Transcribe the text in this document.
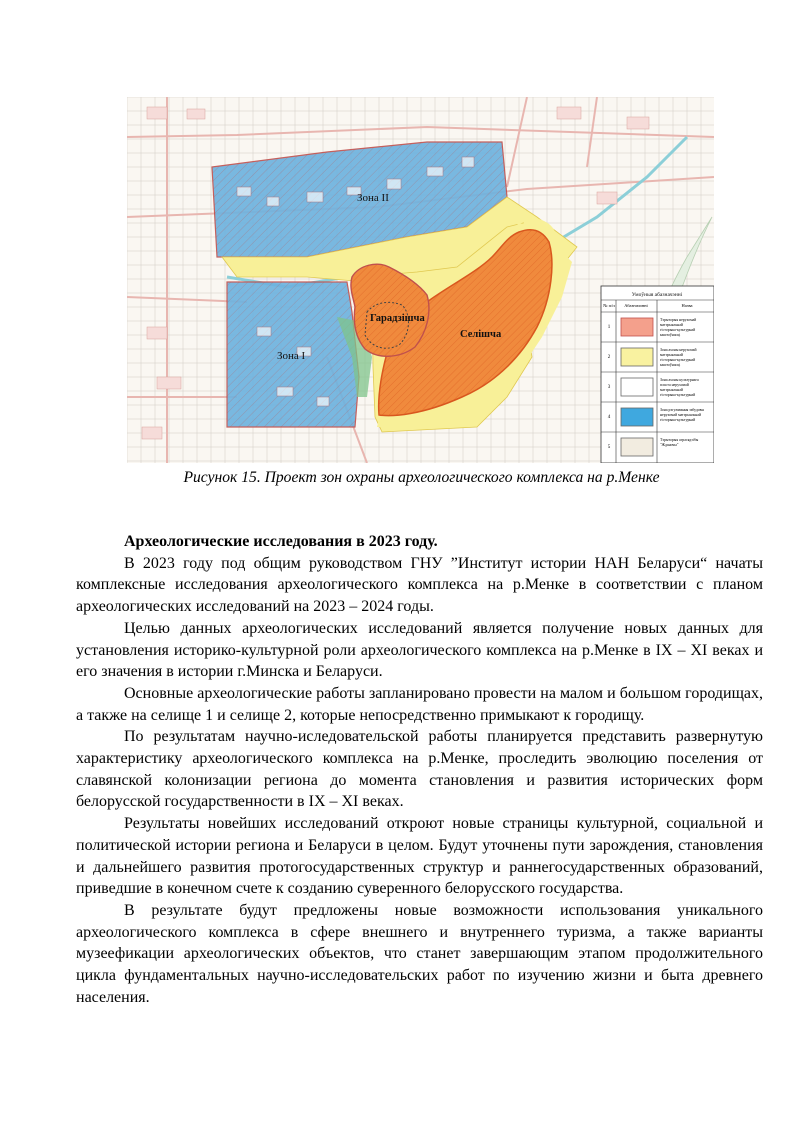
Зона II
Зона I
Гарадзішча
Селішча
Умоўныя абазначэнні
№ п/п Абазначэнні	Назва
1
Тэрыторыя нерухомай матэрыяльнай гісторыка-культурнай каштоўнасці
2
Зона ахоны нерухомай матэрыяльнай гісторыка-культурнай каштоўнасці
3
Зона ахоны культурнага пласта нерухомай матэрыяльнай гісторыка-культурнай
4
Зона рэгулявання забудовы нерухомай матэрыяльнай гісторыка-культурнай
5
Тэрыторыя аграсядзібы "Жданочы"
Рисунок 15. Проект зон охраны археологического комплекса на р.Менке

Археологические исследования в 2023 году.

В 2023 году под общим руководством ГНУ ”Институт истории НАН Беларуси“ начаты комплексные исследования археологического комплекса на р.Менке в соответствии с планом археологических исследований на 2023 – 2024 годы.

Целью данных археологических исследований является получение новых данных для установления историко-культурной роли археологического комплекса на р.Менке в IX – XI веках и его значения в истории г.Минска и Беларуси.

Основные археологические работы запланировано провести на малом и большом городищах, а также на селище 1 и селище 2, которые непосредственно примыкают к городищу.

По результатам научно-иследовательской работы планируется представить развернутую характеристику археологического комплекса на р.Менке, проследить эволюцию поселения от славянской колонизации региона до момента становления и развития исторических форм белорусской государственности в IX – XI веках.

Результаты новейших исследований откроют новые страницы культурной, социальной и политической истории региона и Беларуси в целом. Будут уточнены пути зарождения, становления и дальнейшего развития протогосударственных структур и раннегосударственных образований, приведшие в конечном счете к созданию суверенного белорусского государства.

В результате будут предложены новые возможности использования уникального археологического комплекса в сфере внешнего и внутреннего туризма, а также варианты музеефикации археологических объектов, что станет завершающим этапом продолжительного цикла фундаментальных научно-исследовательских работ по изучению жизни и быта древнего населения.
